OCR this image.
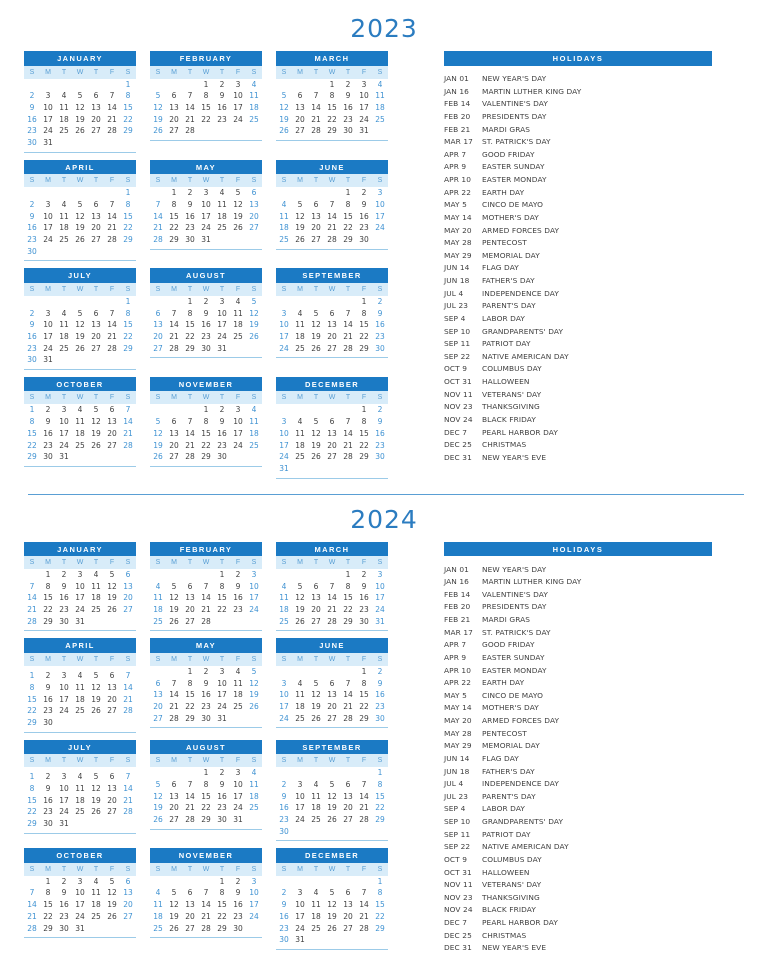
2023
JANUARY
S	M	T	W	T	F	S
						1
2	3	4	5	6	7	8
9	10	11	12	13	14	15
16	17	18	19	20	21	22
23	24	25	26	27	28	29
30	31					
FEBRUARY
S	M	T	W	T	F	S
			1	2	3	4
5	6	7	8	9	10	11
12	13	14	15	16	17	18
19	20	21	22	23	24	25
26	27	28				
MARCH
S	M	T	W	T	F	S
			1	2	3	4
5	6	7	8	9	10	11
12	13	14	15	16	17	18
19	20	21	22	23	24	25
26	27	28	29	30	31	
APRIL
S	M	T	W	T	F	S
						1
2	3	4	5	6	7	8
9	10	11	12	13	14	15
16	17	18	19	20	21	22
23	24	25	26	27	28	29
30						
MAY
S	M	T	W	T	F	S
	1	2	3	4	5	6
7	8	9	10	11	12	13
14	15	16	17	18	19	20
21	22	23	24	25	26	27
28	29	30	31			
JUNE
S	M	T	W	T	F	S
				1	2	3
4	5	6	7	8	9	10
11	12	13	14	15	16	17
18	19	20	21	22	23	24
25	26	27	28	29	30	
JULY
S	M	T	W	T	F	S
						1
2	3	4	5	6	7	8
9	10	11	12	13	14	15
16	17	18	19	20	21	22
23	24	25	26	27	28	29
30	31					
AUGUST
S	M	T	W	T	F	S
		1	2	3	4	5
6	7	8	9	10	11	12
13	14	15	16	17	18	19
20	21	22	23	24	25	26
27	28	29	30	31		
SEPTEMBER
S	M	T	W	T	F	S
					1	2
3	4	5	6	7	8	9
10	11	12	13	14	15	16
17	18	19	20	21	22	23
24	25	26	27	28	29	30
OCTOBER
S	M	T	W	T	F	S
1	2	3	4	5	6	7
8	9	10	11	12	13	14
15	16	17	18	19	20	21
22	23	24	25	26	27	28
29	30	31				
NOVEMBER
S	M	T	W	T	F	S
			1	2	3	4
5	6	7	8	9	10	11
12	13	14	15	16	17	18
19	20	21	22	23	24	25
26	27	28	29	30		
DECEMBER
S	M	T	W	T	F	S
					1	2
3	4	5	6	7	8	9
10	11	12	13	14	15	16
17	18	19	20	21	22	23
24	25	26	27	28	29	30
31						
HOLIDAYS
JAN 01	NEW YEAR'S DAY
JAN 16	MARTIN LUTHER KING DAY
FEB 14	VALENTINE'S DAY
FEB 20	PRESIDENTS DAY
FEB 21	MARDI GRAS
MAR 17	ST. PATRICK'S DAY
APR 7	GOOD FRIDAY
APR 9	EASTER SUNDAY
APR 10	EASTER MONDAY
APR 22	EARTH DAY
MAY 5	CINCO DE MAYO
MAY 14	MOTHER'S DAY
MAY 20	ARMED FORCES DAY
MAY 28	PENTECOST
MAY 29	MEMORIAL DAY
JUN 14	FLAG DAY
JUN 18	FATHER'S DAY
JUL 4	INDEPENDENCE DAY
JUL 23	PARENT'S DAY
SEP 4	LABOR DAY
SEP 10	GRANDPARENTS' DAY
SEP 11	PATRIOT DAY
SEP 22	NATIVE AMERICAN DAY
OCT 9	COLUMBUS DAY
OCT 31	HALLOWEEN
NOV 11	VETERANS' DAY
NOV 23	THANKSGIVING
NOV 24	BLACK FRIDAY
DEC 7	PEARL HARBOR DAY
DEC 25	CHRISTMAS
DEC 31	NEW YEAR'S EVE
2024
JANUARY
S	M	T	W	T	F	S
	1	2	3	4	5	6
7	8	9	10	11	12	13
14	15	16	17	18	19	20
21	22	23	24	25	26	27
28	29	30	31			
FEBRUARY
S	M	T	W	T	F	S
				1	2	3
4	5	6	7	8	9	10
11	12	13	14	15	16	17
18	19	20	21	22	23	24
25	26	27	28			
MARCH
S	M	T	W	T	F	S
				1	2	3
4	5	6	7	8	9	10
11	12	13	14	15	16	17
18	19	20	21	22	23	24
25	26	27	28	29	30	31
APRIL
S	M	T	W	T	F	S

1	2	3	4	5	6	7
8	9	10	11	12	13	14
15	16	17	18	19	20	21
22	23	24	25	26	27	28
29	30					
MAY
S	M	T	W	T	F	S
		1	2	3	4	5
6	7	8	9	10	11	12
13	14	15	16	17	18	19
20	21	22	23	24	25	26
27	28	29	30	31		
JUNE
S	M	T	W	T	F	S
					1	2
3	4	5	6	7	8	9
10	11	12	13	14	15	16
17	18	19	20	21	22	23
24	25	26	27	28	29	30
JULY
S	M	T	W	T	F	S

1	2	3	4	5	6	7
8	9	10	11	12	13	14
15	16	17	18	19	20	21
22	23	24	25	26	27	28
29	30	31				
AUGUST
S	M	T	W	T	F	S
			1	2	3	4
5	6	7	8	9	10	11
12	13	14	15	16	17	18
19	20	21	22	23	24	25
26	27	28	29	30	31	
SEPTEMBER
S	M	T	W	T	F	S
						1
2	3	4	5	6	7	8
9	10	11	12	13	14	15
16	17	18	19	20	21	22
23	24	25	26	27	28	29
30						
OCTOBER
S	M	T	W	T	F	S
	1	2	3	4	5	6
7	8	9	10	11	12	13
14	15	16	17	18	19	20
21	22	23	24	25	26	27
28	29	30	31			
NOVEMBER
S	M	T	W	T	F	S
				1	2	3
4	5	6	7	8	9	10
11	12	13	14	15	16	17
18	19	20	21	22	23	24
25	26	27	28	29	30	
DECEMBER
S	M	T	W	T	F	S
						1
2	3	4	5	6	7	8
9	10	11	12	13	14	15
16	17	18	19	20	21	22
23	24	25	26	27	28	29
30	31					
HOLIDAYS
JAN 01	NEW YEAR'S DAY
JAN 16	MARTIN LUTHER KING DAY
FEB 14	VALENTINE'S DAY
FEB 20	PRESIDENTS DAY
FEB 21	MARDI GRAS
MAR 17	ST. PATRICK'S DAY
APR 7	GOOD FRIDAY
APR 9	EASTER SUNDAY
APR 10	EASTER MONDAY
APR 22	EARTH DAY
MAY 5	CINCO DE MAYO
MAY 14	MOTHER'S DAY
MAY 20	ARMED FORCES DAY
MAY 28	PENTECOST
MAY 29	MEMORIAL DAY
JUN 14	FLAG DAY
JUN 18	FATHER'S DAY
JUL 4	INDEPENDENCE DAY
JUL 23	PARENT'S DAY
SEP 4	LABOR DAY
SEP 10	GRANDPARENTS' DAY
SEP 11	PATRIOT DAY
SEP 22	NATIVE AMERICAN DAY
OCT 9	COLUMBUS DAY
OCT 31	HALLOWEEN
NOV 11	VETERANS' DAY
NOV 23	THANKSGIVING
NOV 24	BLACK FRIDAY
DEC 7	PEARL HARBOR DAY
DEC 25	CHRISTMAS
DEC 31	NEW YEAR'S EVE
